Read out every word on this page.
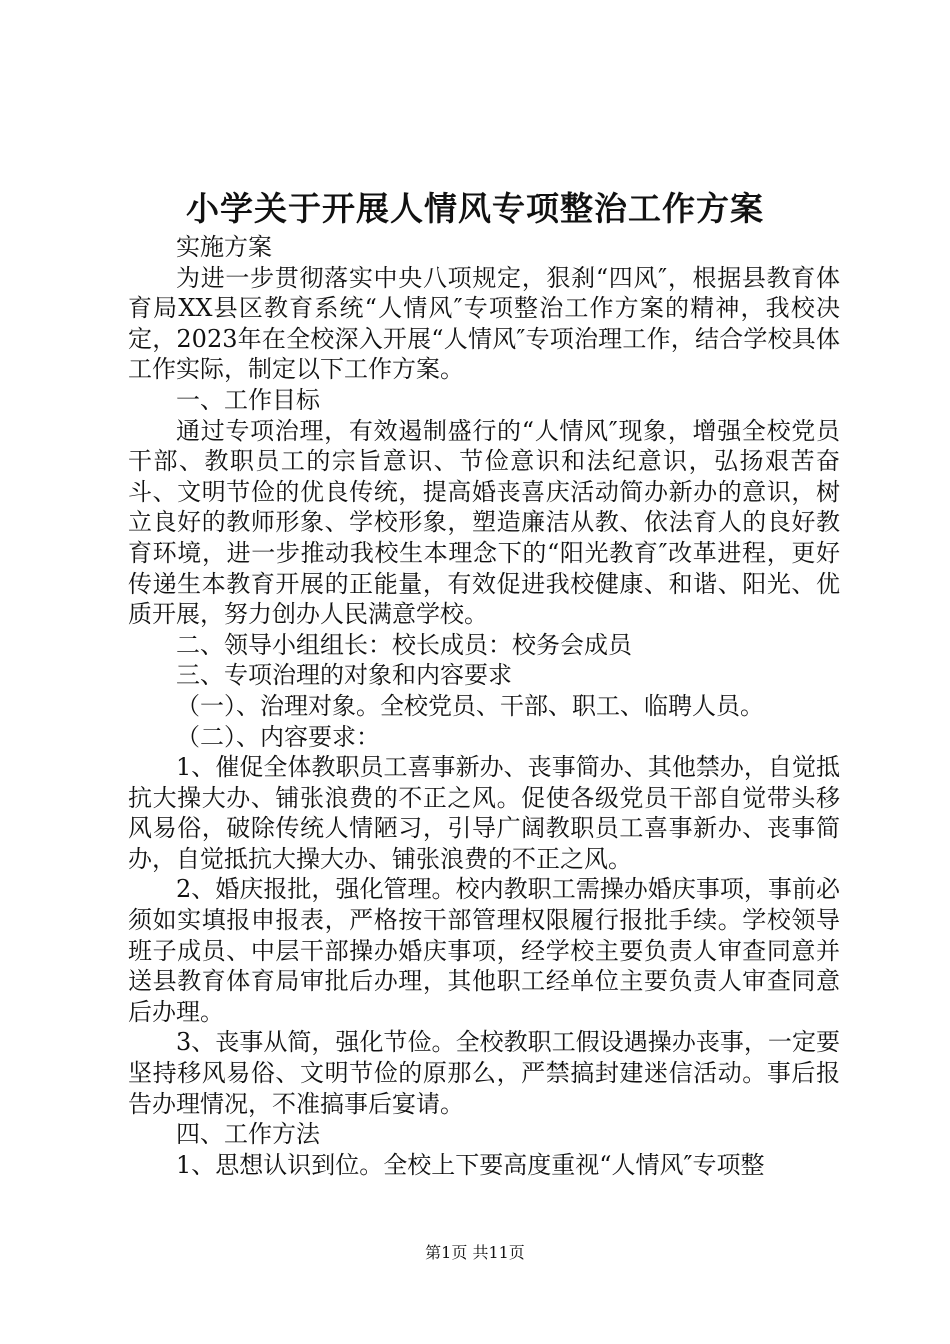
小学关于开展人情风专项整治工作方案

实施方案

为进一步贯彻落实中央八项规定，狠刹“四风″，根据县教育体育局XX县区教育系统“人情风″专项整治工作方案的精神，我校决定，2023年在全校深入开展“人情风″专项治理工作，结合学校具体工作实际，制定以下工作方案。

一、工作目标

通过专项治理，有效遏制盛行的“人情风″现象，增强全校党员干部、教职员工的宗旨意识、节俭意识和法纪意识，弘扬艰苦奋斗、文明节俭的优良传统，提高婚丧喜庆活动简办新办的意识，树立良好的教师形象、学校形象，塑造廉洁从教、依法育人的良好教育环境，进一步推动我校生本理念下的“阳光教育″改革进程，更好传递生本教育开展的正能量，有效促进我校健康、和谐、阳光、优质开展，努力创办人民满意学校。

二、领导小组组长：校长成员：校务会成员

三、专项治理的对象和内容要求

（一）、治理对象。全校党员、干部、职工、临聘人员。

（二）、内容要求：

1、催促全体教职员工喜事新办、丧事简办、其他禁办，自觉抵抗大操大办、铺张浪费的不正之风。促使各级党员干部自觉带头移风易俗，破除传统人情陋习，引导广阔教职员工喜事新办、丧事简办，自觉抵抗大操大办、铺张浪费的不正之风。

2、婚庆报批，强化管理。校内教职工需操办婚庆事项，事前必须如实填报申报表，严格按干部管理权限履行报批手续。学校领导班子成员、中层干部操办婚庆事项，经学校主要负责人审查同意并送县教育体育局审批后办理，其他职工经单位主要负责人审查同意后办理。

3、丧事从简，强化节俭。全校教职工假设遇操办丧事，一定要坚持移风易俗、文明节俭的原那么，严禁搞封建迷信活动。事后报告办理情况，不准搞事后宴请。

四、工作方法

1、思想认识到位。全校上下要高度重视“人情风″专项整

第1页 共11页
